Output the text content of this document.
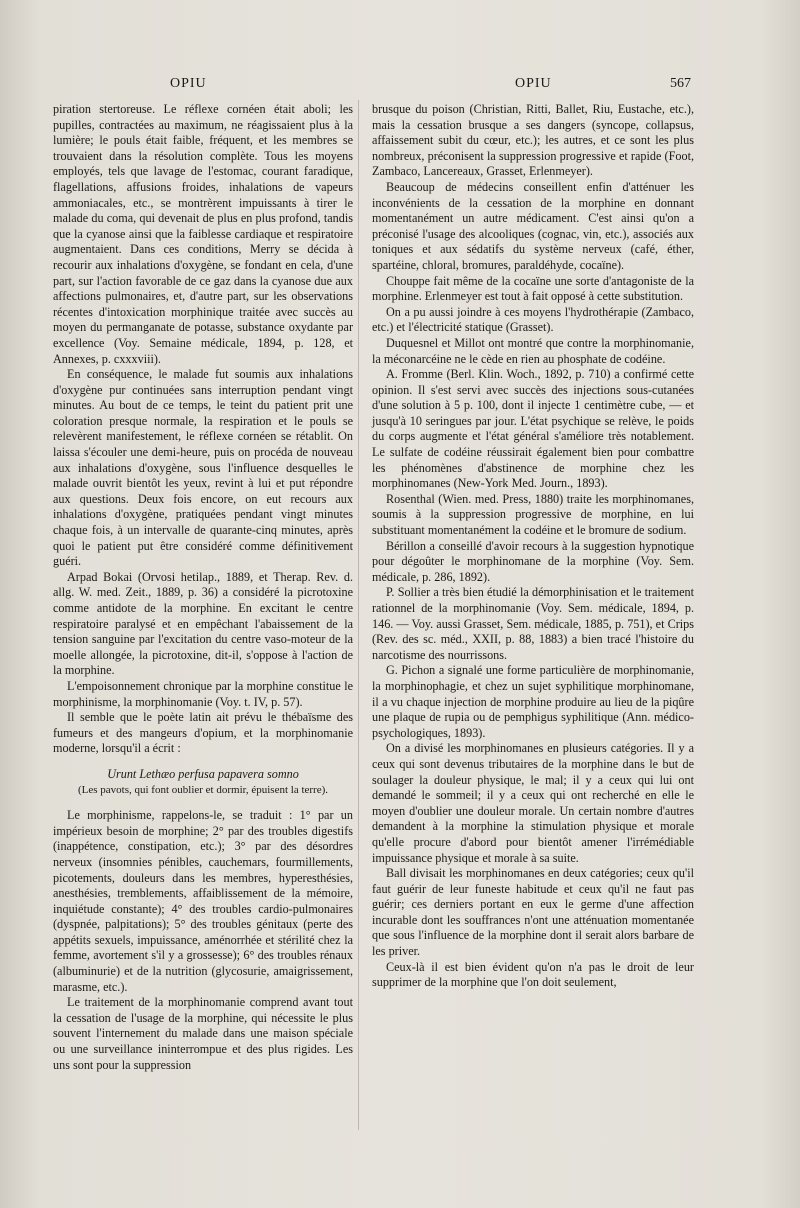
OPIU	OPIU	567

piration stertoreuse. Le réflexe cornéen était aboli; les pupilles, contractées au maximum, ne réagissaient plus à la lumière; le pouls était faible, fréquent, et les membres se trouvaient dans la résolution complète. Tous les moyens employés, tels que lavage de l'estomac, courant faradique, flagellations, affusions froides, inhalations de vapeurs ammoniacales, etc., se montrèrent impuissants à tirer le malade du coma, qui devenait de plus en plus profond, tandis que la cyanose ainsi que la faiblesse cardiaque et respiratoire augmentaient. Dans ces conditions, Merry se décida à recourir aux inhalations d'oxygène, se fondant en cela, d'une part, sur l'action favorable de ce gaz dans la cyanose due aux affections pulmonaires, et, d'autre part, sur les observations récentes d'intoxication morphinique traitée avec succès au moyen du permanganate de potasse, substance oxydante par excellence (Voy. Semaine médicale, 1894, p. 128, et Annexes, p. cxxxviii).

En conséquence, le malade fut soumis aux inhalations d'oxygène pur continuées sans interruption pendant vingt minutes. Au bout de ce temps, le teint du patient prit une coloration presque normale, la respiration et le pouls se relevèrent manifestement, le réflexe cornéen se rétablit. On laissa s'écouler une demi-heure, puis on procéda de nouveau aux inhalations d'oxygène, sous l'influence desquelles le malade ouvrit bientôt les yeux, revint à lui et put répondre aux questions. Deux fois encore, on eut recours aux inhalations d'oxygène, pratiquées pendant vingt minutes chaque fois, à un intervalle de quarante-cinq minutes, après quoi le patient put être considéré comme définitivement guéri.

Arpad Bokai (Orvosi hetilap., 1889, et Therap. Rev. d. allg. W. med. Zeit., 1889, p. 36) a considéré la picrotoxine comme antidote de la morphine. En excitant le centre respiratoire paralysé et en empêchant l'abaissement de la tension sanguine par l'excitation du centre vaso-moteur de la moelle allongée, la picrotoxine, dit-il, s'oppose à l'action de la morphine.

L'empoisonnement chronique par la morphine constitue le morphinisme, la morphinomanie (Voy. t. IV, p. 57).

Il semble que le poète latin ait prévu le thébaïsme des fumeurs et des mangeurs d'opium, et la morphinomanie moderne, lorsqu'il a écrit :

Urunt Lethæo perfusa papavera somno

(Les pavots, qui font oublier et dormir, épuisent la terre).

Le morphinisme, rappelons-le, se traduit : 1° par un impérieux besoin de morphine; 2° par des troubles digestifs (inappétence, constipation, etc.); 3° par des désordres nerveux (insomnies pénibles, cauchemars, fourmillements, picotements, douleurs dans les membres, hyperesthésies, anesthésies, tremblements, affaiblissement de la mémoire, inquiétude constante); 4° des troubles cardio-pulmonaires (dyspnée, palpitations); 5° des troubles génitaux (perte des appétits sexuels, impuissance, aménorrhée et stérilité chez la femme, avortement s'il y a grossesse); 6° des troubles rénaux (albuminurie) et de la nutrition (glycosurie, amaigrissement, marasme, etc.).

Le traitement de la morphinomanie comprend avant tout la cessation de l'usage de la morphine, qui nécessite le plus souvent l'internement du malade dans une maison spéciale ou une surveillance ininterrompue et des plus rigides. Les uns sont pour la suppression

brusque du poison (Christian, Ritti, Ballet, Riu, Eustache, etc.), mais la cessation brusque a ses dangers (syncope, collapsus, affaissement subit du cœur, etc.); les autres, et ce sont les plus nombreux, préconisent la suppression progressive et rapide (Foot, Zambaco, Lancereaux, Grasset, Erlenmeyer).

Beaucoup de médecins conseillent enfin d'atténuer les inconvénients de la cessation de la morphine en donnant momentanément un autre médicament. C'est ainsi qu'on a préconisé l'usage des alcooliques (cognac, vin, etc.), associés aux toniques et aux sédatifs du système nerveux (café, éther, spartéine, chloral, bromures, paraldéhyde, cocaïne).

Chouppe fait même de la cocaïne une sorte d'antagoniste de la morphine. Erlenmeyer est tout à fait opposé à cette substitution.

On a pu aussi joindre à ces moyens l'hydrothérapie (Zambaco, etc.) et l'électricité statique (Grasset).

Duquesnel et Millot ont montré que contre la morphinomanie, la méconarcéine ne le cède en rien au phosphate de codéine.

A. Fromme (Berl. Klin. Woch., 1892, p. 710) a confirmé cette opinion. Il s'est servi avec succès des injections sous-cutanées d'une solution à 5 p. 100, dont il injecte 1 centimètre cube, — et jusqu'à 10 seringues par jour. L'état psychique se relève, le poids du corps augmente et l'état général s'améliore très notablement. Le sulfate de codéine réussirait également bien pour combattre les phénomènes d'abstinence de morphine chez les morphinomanes (New-York Med. Journ., 1893).

Rosenthal (Wien. med. Press, 1880) traite les morphinomanes, soumis à la suppression progressive de morphine, en lui substituant momentanément la codéine et le bromure de sodium.

Bérillon a conseillé d'avoir recours à la suggestion hypnotique pour dégoûter le morphinomane de la morphine (Voy. Sem. médicale, p. 286, 1892).

P. Sollier a très bien étudié la démorphinisation et le traitement rationnel de la morphinomanie (Voy. Sem. médicale, 1894, p. 146. — Voy. aussi Grasset, Sem. médicale, 1885, p. 751), et Crips (Rev. des sc. méd., XXII, p. 88, 1883) a bien tracé l'histoire du narcotisme des nourrissons.

G. Pichon a signalé une forme particulière de morphinomanie, la morphinophagie, et chez un sujet syphilitique morphinomane, il a vu chaque injection de morphine produire au lieu de la piqûre une plaque de rupia ou de pemphigus syphilitique (Ann. médico-psychologiques, 1893).

On a divisé les morphinomanes en plusieurs catégories. Il y a ceux qui sont devenus tributaires de la morphine dans le but de soulager la douleur physique, le mal; il y a ceux qui lui ont demandé le sommeil; il y a ceux qui ont recherché en elle le moyen d'oublier une douleur morale. Un certain nombre d'autres demandent à la morphine la stimulation physique et morale qu'elle procure d'abord pour bientôt amener l'irrémédiable impuissance physique et morale à sa suite.

Ball divisait les morphinomanes en deux catégories; ceux qu'il faut guérir de leur funeste habitude et ceux qu'il ne faut pas guérir; ces derniers portant en eux le germe d'une affection incurable dont les souffrances n'ont une atténuation momentanée que sous l'influence de la morphine dont il serait alors barbare de les priver.

Ceux-là il est bien évident qu'on n'a pas le droit de leur supprimer de la morphine que l'on doit seulement,
